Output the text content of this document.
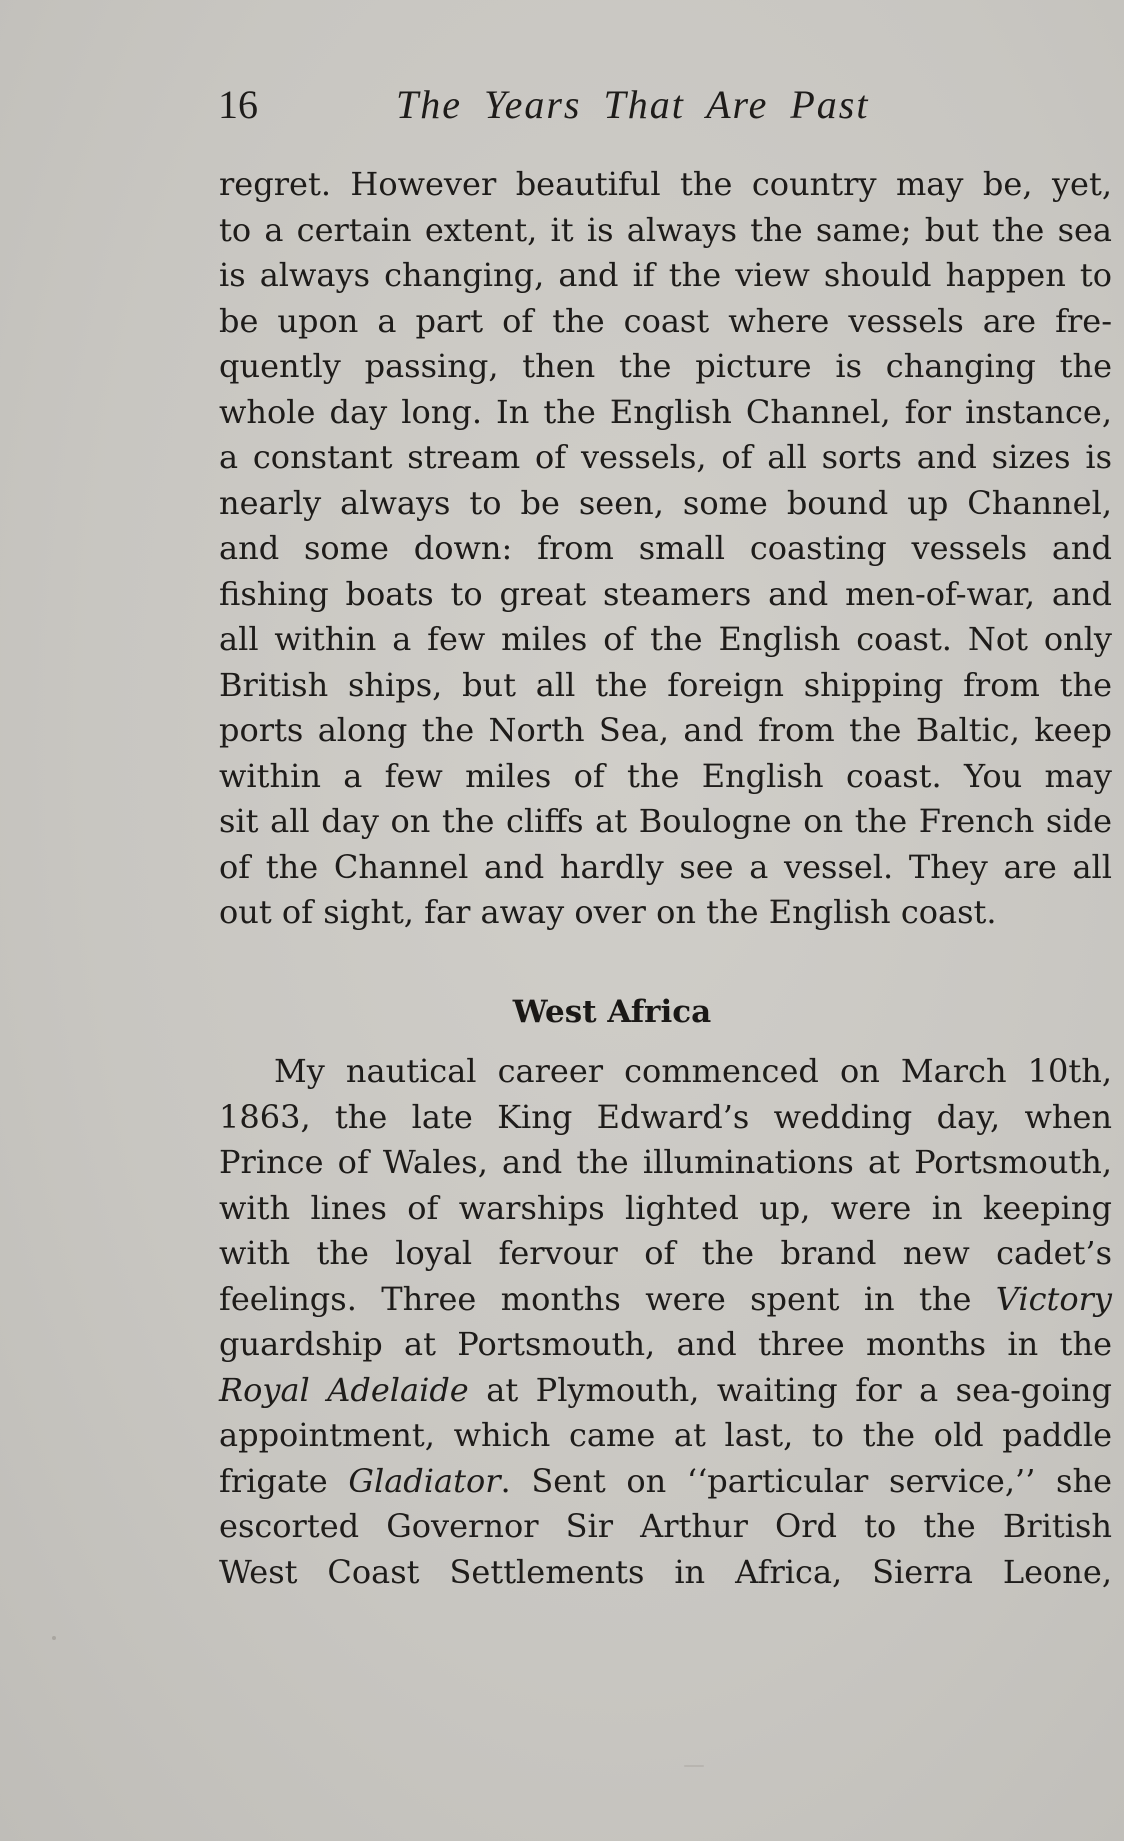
16	The Years That Are Past
regret. However beautiful the country may be, yet,
to a certain extent, it is always the same; but the sea
is always changing, and if the view should happen to
be upon a part of the coast where vessels are fre-
quently passing, then the picture is changing the
whole day long. In the English Channel, for instance,
a constant stream of vessels, of all sorts and sizes is
nearly always to be seen, some bound up Channel,
and some down: from small coasting vessels and
fishing boats to great steamers and men-of-war, and
all within a few miles of the English coast. Not only
British ships, but all the foreign shipping from the
ports along the North Sea, and from the Baltic, keep
within a few miles of the English coast. You may
sit all day on the cliffs at Boulogne on the French side
of the Channel and hardly see a vessel. They are all
out of sight, far away over on the English coast.
West Africa
My nautical career commenced on March 10th,
1863, the late King Edward’s wedding day, when
Prince of Wales, and the illuminations at Portsmouth,
with lines of warships lighted up, were in keeping
with the loyal fervour of the brand new cadet’s
feelings. Three months were spent in the Victory
guardship at Portsmouth, and three months in the
Royal Adelaide at Plymouth, waiting for a sea-going
appointment, which came at last, to the old paddle
frigate Gladiator. Sent on ‘‘particular service,’’ she
escorted Governor Sir Arthur Ord to the British
West Coast Settlements in Africa, Sierra Leone,
